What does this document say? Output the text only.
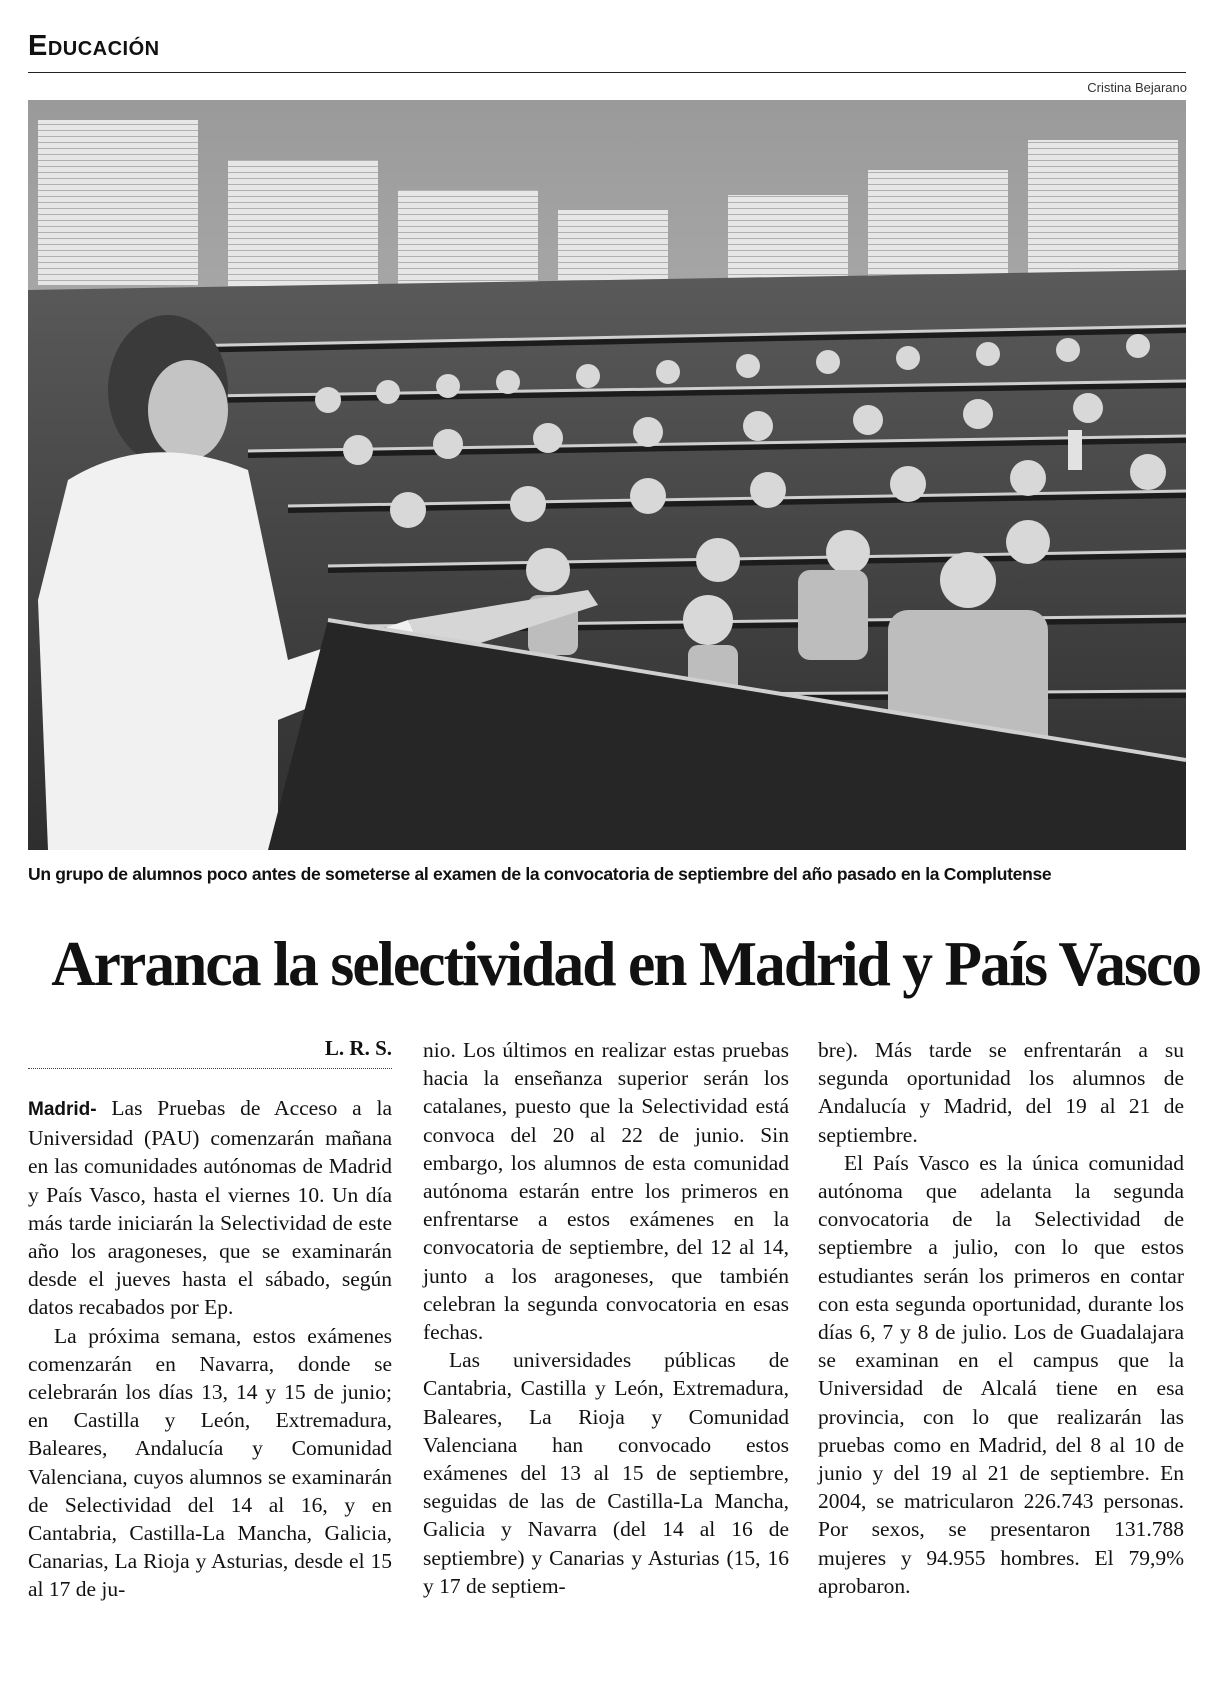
Educación
Cristina Bejarano
Un grupo de alumnos poco antes de someterse al examen de la convocatoria de septiembre del año pasado en la Complutense
Arranca la selectividad en Madrid y País Vasco
L. R. S.

Madrid- Las Pruebas de Acceso a la Universidad (PAU) comenzarán mañana en las comunidades autónomas de Madrid y País Vasco, hasta el viernes 10. Un día más tarde iniciarán la Selectividad de este año los aragoneses, que se examinarán desde el jueves hasta el sábado, según datos recabados por Ep.

La próxima semana, estos exámenes comenzarán en Navarra, donde se celebrarán los días 13, 14 y 15 de junio; en Castilla y León, Extremadura, Baleares, Andalucía y Comunidad Valenciana, cuyos alumnos se examinarán de Selectividad del 14 al 16, y en Cantabria, Castilla-La Mancha, Galicia, Canarias, La Rioja y Asturias, desde el 15 al 17 de ju-

nio. Los últimos en realizar estas pruebas hacia la enseñanza superior serán los catalanes, puesto que la Selectividad está convoca del 20 al 22 de junio. Sin embargo, los alumnos de esta comunidad autónoma estarán entre los primeros en enfrentarse a estos exámenes en la convocatoria de septiembre, del 12 al 14, junto a los aragoneses, que también celebran la segunda convocatoria en esas fechas.

Las universidades públicas de Cantabria, Castilla y León, Extremadura, Baleares, La Rioja y Comunidad Valenciana han convocado estos exámenes del 13 al 15 de septiembre, seguidas de las de Castilla-La Mancha, Galicia y Navarra (del 14 al 16 de septiembre) y Canarias y Asturias (15, 16 y 17 de septiem-

bre). Más tarde se enfrentarán a su segunda oportunidad los alumnos de Andalucía y Madrid, del 19 al 21 de septiembre.

El País Vasco es la única comunidad autónoma que adelanta la segunda convocatoria de la Selectividad de septiembre a julio, con lo que estos estudiantes serán los primeros en contar con esta segunda oportunidad, durante los días 6, 7 y 8 de julio. Los de Guadalajara se examinan en el campus que la Universidad de Alcalá tiene en esa provincia, con lo que realizarán las pruebas como en Madrid, del 8 al 10 de junio y del 19 al 21 de septiembre. En 2004, se matricularon 226.743 personas. Por sexos, se presentaron 131.788 mujeres y 94.955 hombres. El 79,9% aprobaron.
